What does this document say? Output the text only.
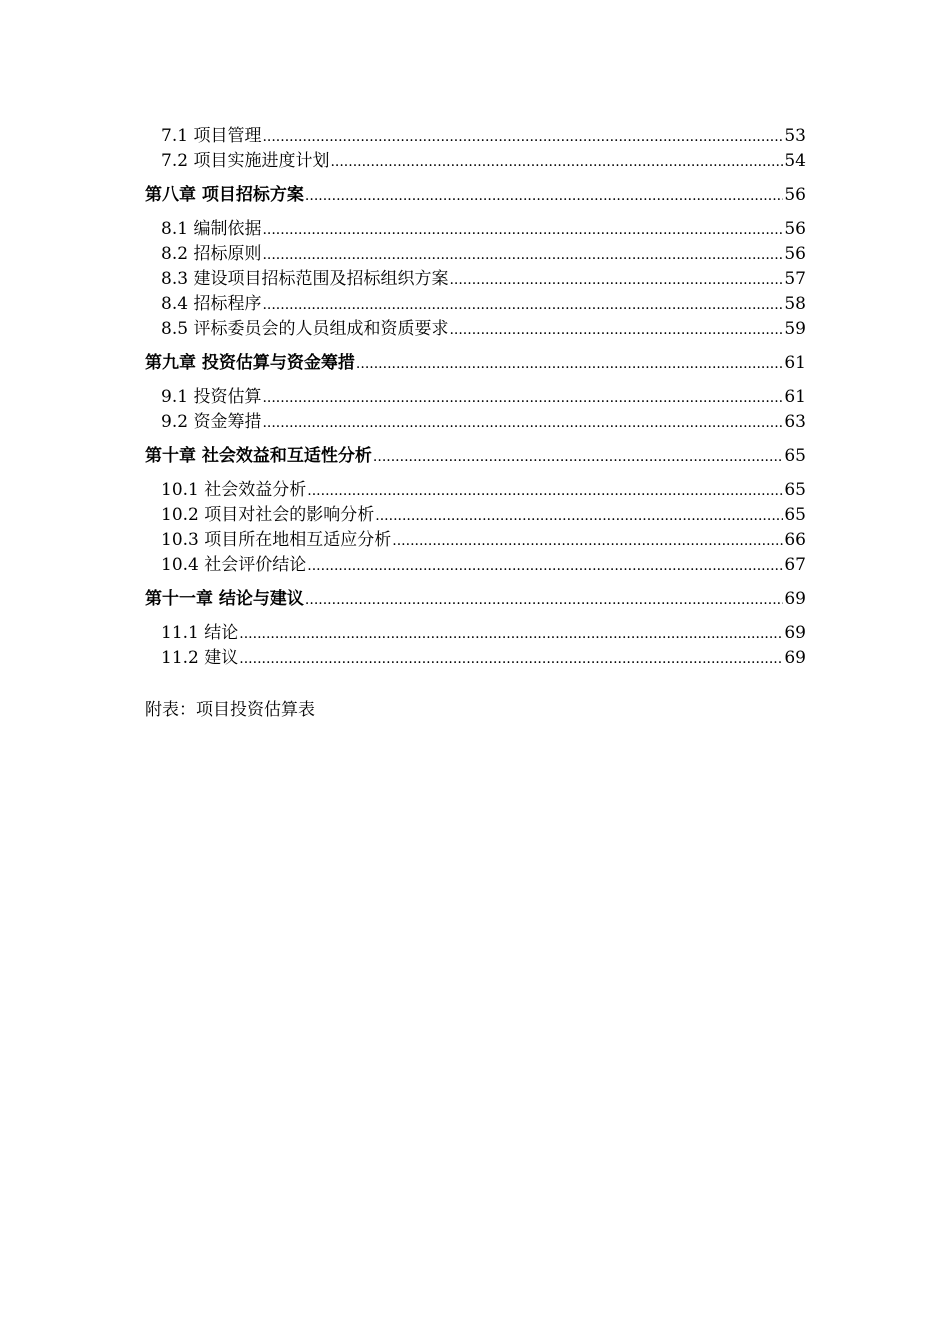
7.1 项目管理 .....	53
7.2 项目实施进度计划 .....	54
第八章 项目招标方案 .....	56
8.1 编制依据 .....	56
8.2 招标原则 .....	56
8.3 建设项目招标范围及招标组织方案 .....	57
8.4 招标程序 .....	58
8.5 评标委员会的人员组成和资质要求 .....	59
第九章 投资估算与资金筹措 .....	61
9.1 投资估算 .....	61
9.2 资金筹措 .....	63
第十章 社会效益和互适性分析 .....	65
10.1 社会效益分析 .....	65
10.2 项目对社会的影响分析 .....	65
10.3 项目所在地相互适应分析 .....	66
10.4 社会评价结论 .....	67
第十一章 结论与建议 .....	69
11.1 结论 .....	69
11.2 建议 .....	69
附表：项目投资估算表
